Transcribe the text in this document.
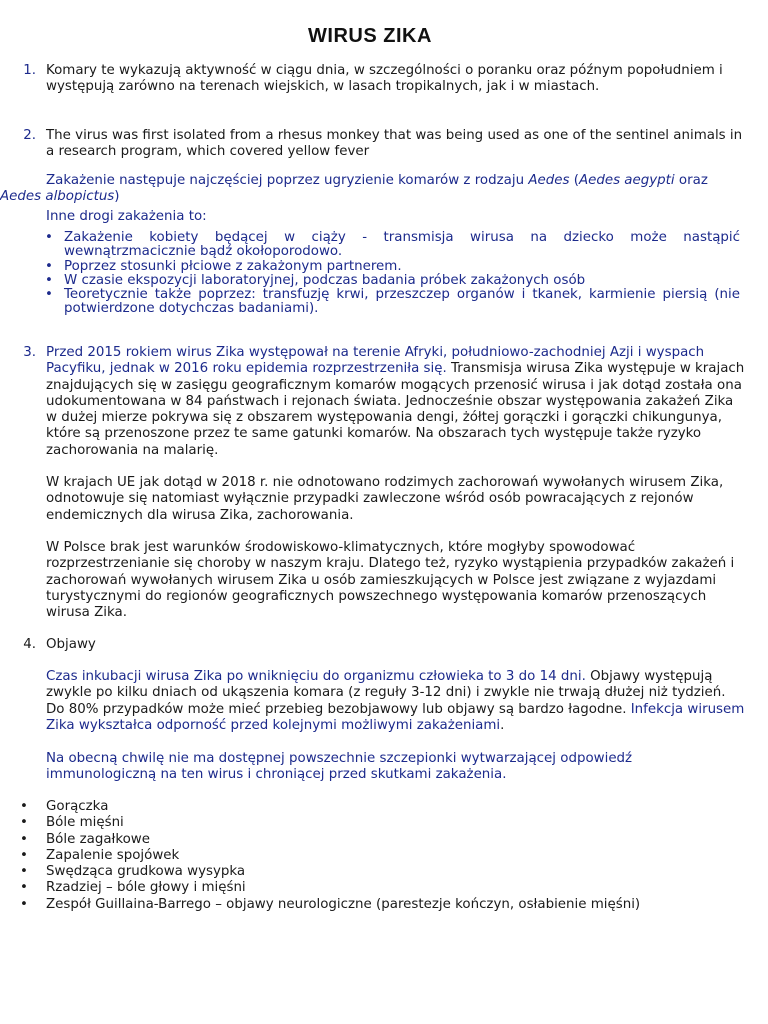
WIRUS ZIKA
1. Komary te wykazują aktywność w ciągu dnia, w szczególności o poranku oraz późnym popołudniem i występują zarówno na terenach wiejskich, w lasach tropikalnych, jak i w miastach.
2. The virus was first isolated from a rhesus monkey that was being used as one of the sentinel animals in a research program, which covered yellow fever

Zakażenie następuje najczęściej poprzez ugryzienie komarów z rodzaju Aedes (Aedes aegypti oraz Aedes albopictus)

Inne drogi zakażenia to:
• Zakażenie kobiety będącej w ciąży - transmisja wirusa na dziecko może nastąpić wewnątrzmacicznie bądź okołoporodowo.
• Poprzez stosunki płciowe z zakażonym partnerem.
• W czasie ekspozycji laboratoryjnej, podczas badania próbek zakażonych osób
• Teoretycznie także poprzez: transfuzję krwi, przeszczep organów i tkanek, karmienie piersią (nie potwierdzone dotychczas badaniami).
3. Przed 2015 rokiem wirus Zika występował na terenie Afryki, południowo-zachodniej Azji i wyspach Pacyfiku, jednak w 2016 roku epidemia rozprzestrzeniła się. Transmisja wirusa Zika występuje w krajach znajdujących się w zasięgu geograficznym komarów mogących przenosić wirusa i jak dotąd została ona udokumentowana w 84 państwach i rejonach świata. Jednocześnie obszar występowania zakażeń Zika w dużej mierze pokrywa się z obszarem występowania dengi, żółtej gorączki i gorączki chikungunya, które są przenoszone przez te same gatunki komarów. Na obszarach tych występuje także ryzyko zachorowania na malarię.
W krajach UE jak dotąd w 2018 r. nie odnotowano rodzimych zachorowań wywołanych wirusem Zika, odnotowuje się natomiast wyłącznie przypadki zawleczone wśród osób powracających z rejonów endemicznych dla wirusa Zika, zachorowania.
W Polsce brak jest warunków środowiskowo-klimatycznych, które mogłyby spowodować rozprzestrzenianie się choroby w naszym kraju. Dlatego też, ryzyko wystąpienia przypadków zakażeń i zachorowań wywołanych wirusem Zika u osób zamieszkujących w Polsce jest związane z wyjazdami turystycznymi do regionów geograficznych powszechnego występowania komarów przenoszących wirusa Zika.
4. Objawy
Czas inkubacji wirusa Zika po wniknięciu do organizmu człowieka to 3 do 14 dni. Objawy występują zwykle po kilku dniach od ukąszenia komara (z reguły 3-12 dni) i zwykle nie trwają dłużej niż tydzień. Do 80% przypadków może mieć przebieg bezobjawowy lub objawy są bardzo łagodne. Infekcja wirusem Zika wykształca odporność przed kolejnymi możliwymi zakażeniami.
Na obecną chwilę nie ma dostępnej powszechnie szczepionki wytwarzającej odpowiedź immunologiczną na ten wirus i chroniącej przed skutkami zakażenia.
• Gorączka
• Bóle mięśni
• Bóle zagałkowe
• Zapalenie spojówek
• Swędząca grudkowa wysypka
• Rzadziej – bóle głowy i mięśni
• Zespół Guillaina-Barrego – objawy neurologiczne (parestezje kończyn, osłabienie mięśni)
